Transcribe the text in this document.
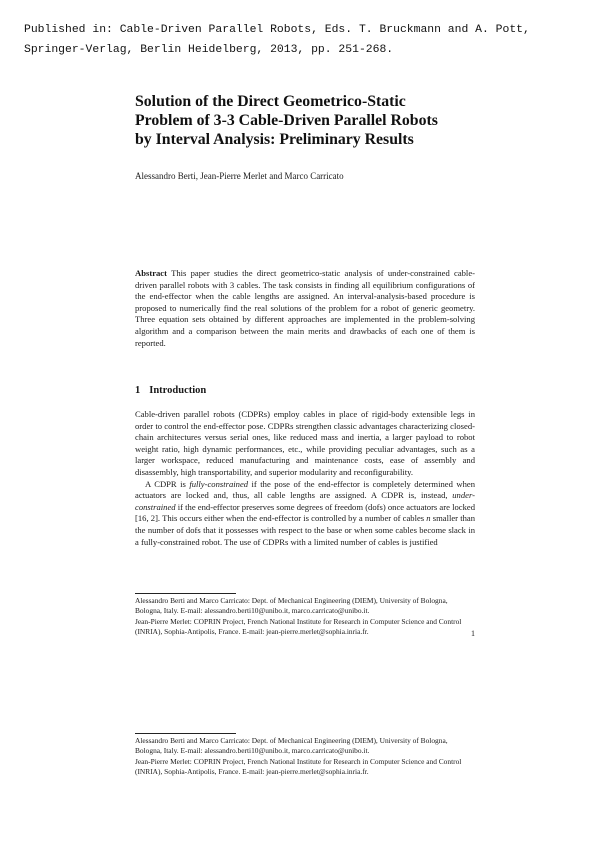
Published in: Cable-Driven Parallel Robots, Eds. T. Bruckmann and A. Pott,
Springer-Verlag, Berlin Heidelberg, 2013, pp. 251-268.
Solution of the Direct Geometrico-Static
Problem of 3-3 Cable-Driven Parallel Robots
by Interval Analysis: Preliminary Results
Alessandro Berti, Jean-Pierre Merlet and Marco Carricato
Abstract This paper studies the direct geometrico-static analysis of under-constrained cable-driven parallel robots with 3 cables. The task consists in finding all equilibrium configurations of the end-effector when the cable lengths are assigned. An interval-analysis-based procedure is proposed to numerically find the real solutions of the problem for a robot of generic geometry. Three equation sets obtained by different approaches are implemented in the problem-solving algorithm and a comparison between the main merits and drawbacks of each one of them is reported.
1 Introduction

Cable-driven parallel robots (CDPRs) employ cables in place of rigid-body extensible legs in order to control the end-effector pose. CDPRs strengthen classic advantages characterizing closed-chain architectures versus serial ones, like reduced mass and inertia, a larger payload to robot weight ratio, high dynamic performances, etc., while providing peculiar advantages, such as a larger workspace, reduced manufacturing and maintenance costs, ease of assembly and disassembly, high transportability, and superior modularity and reconfigurability.

A CDPR is fully-constrained if the pose of the end-effector is completely determined when actuators are locked and, thus, all cable lengths are assigned. A CDPR is, instead, under-constrained if the end-effector preserves some degrees of freedom (dofs) once actuators are locked [16, 2]. This occurs either when the end-effector is controlled by a number of cables n smaller than the number of dofs that it possesses with respect to the base or when some cables become slack in a fully-constrained robot. The use of CDPRs with a limited number of cables is justified

Alessandro Berti and Marco Carricato: Dept. of Mechanical Engineering (DIEM), University of Bologna, Bologna, Italy. E-mail: alessandro.berti10@unibo.it, marco.carricato@unibo.it.

Jean-Pierre Merlet: COPRIN Project, French National Institute for Research in Computer Science and Control (INRIA), Sophia-Antipolis, France. E-mail: jean-pierre.merlet@sophia.inria.fr.	1

Alessandro Berti and Marco Carricato: Dept. of Mechanical Engineering (DIEM), University of Bologna, Bologna, Italy. E-mail: alessandro.berti10@unibo.it, marco.carricato@unibo.it.

Jean-Pierre Merlet: COPRIN Project, French National Institute for Research in Computer Science and Control (INRIA), Sophia-Antipolis, France. E-mail: jean-pierre.merlet@sophia.inria.fr.
